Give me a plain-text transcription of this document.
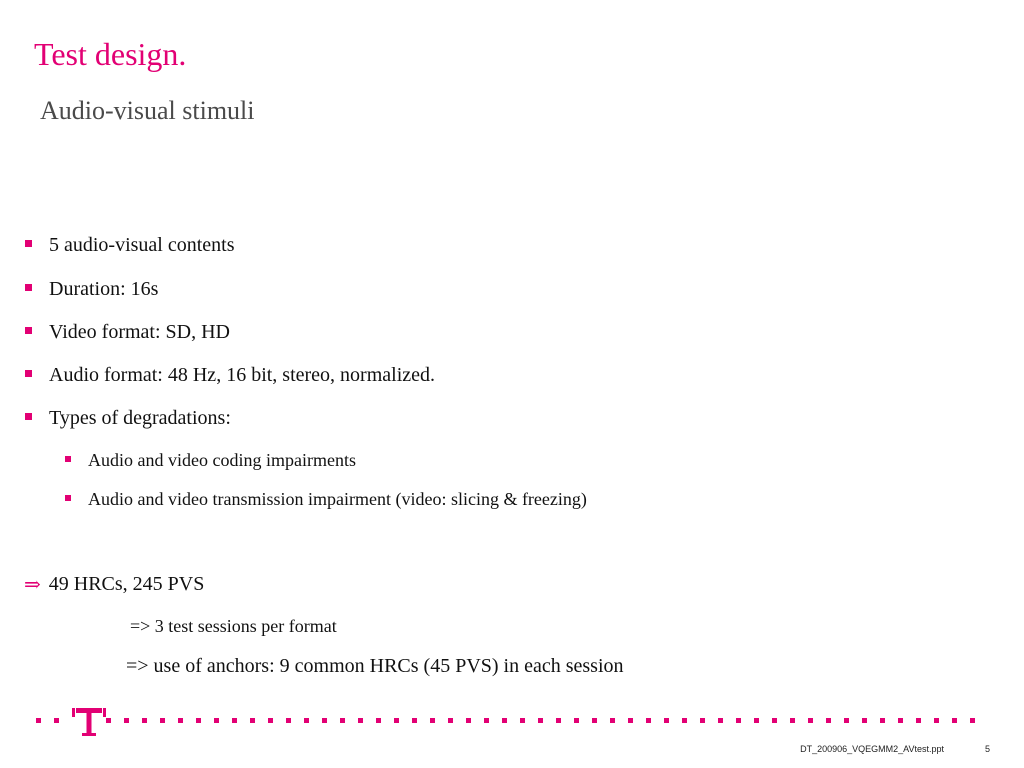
Test design.
Audio-visual stimuli
5 audio-visual contents
Duration: 16s
Video format: SD, HD
Audio format: 48 Hz, 16 bit, stereo, normalized.
Types of degradations:
Audio and video coding impairments
Audio and video transmission impairment (video: slicing & freezing)
⇒ 49 HRCs, 245 PVS
=> 3 test sessions per format
=> use of anchors: 9 common HRCs (45 PVS) in each session
DT_200906_VQEGMM2_AVtest.ppt	5
